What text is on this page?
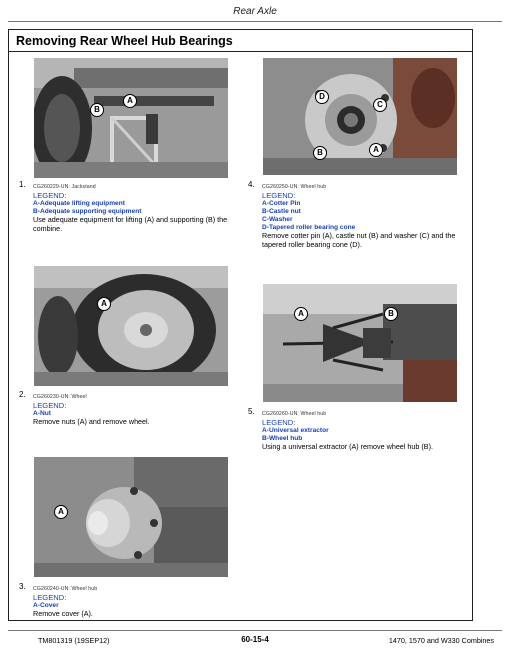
Rear Axle
Removing Rear Wheel Hub Bearings
B
A	D
C
B	A
1. CG260229-UN: Jackstand
LEGEND:
A-Adequate lifting equipment
B-Adequate supporting equipment
Use adequate equipment for lifting (A) and supporting (B) the combine.
4. CG260250-UN: Wheel hub
LEGEND:
A-Cotter Pin
B-Castle nut
C-Washer
D-Tapered roller bearing cone
Remove cotter pin (A), castle nut (B) and washer (C) and the tapered roller bearing cone (D).
A
A	B
2. CG260230-UN: Wheel
LEGEND:
A-Nut
Remove nuts (A) and remove wheel.
5. CG260260-UN: Wheel hub
LEGEND:
A-Universal extractor
B-Wheel hub
Using a universal extractor (A) remove wheel hub (B).
A
3. CG260240-UN: Wheel hub
LEGEND:
A-Cover
Remove cover (A).
TM801319 (19SEP12)	60-15-4	1470, 1570 and W330 Combines
